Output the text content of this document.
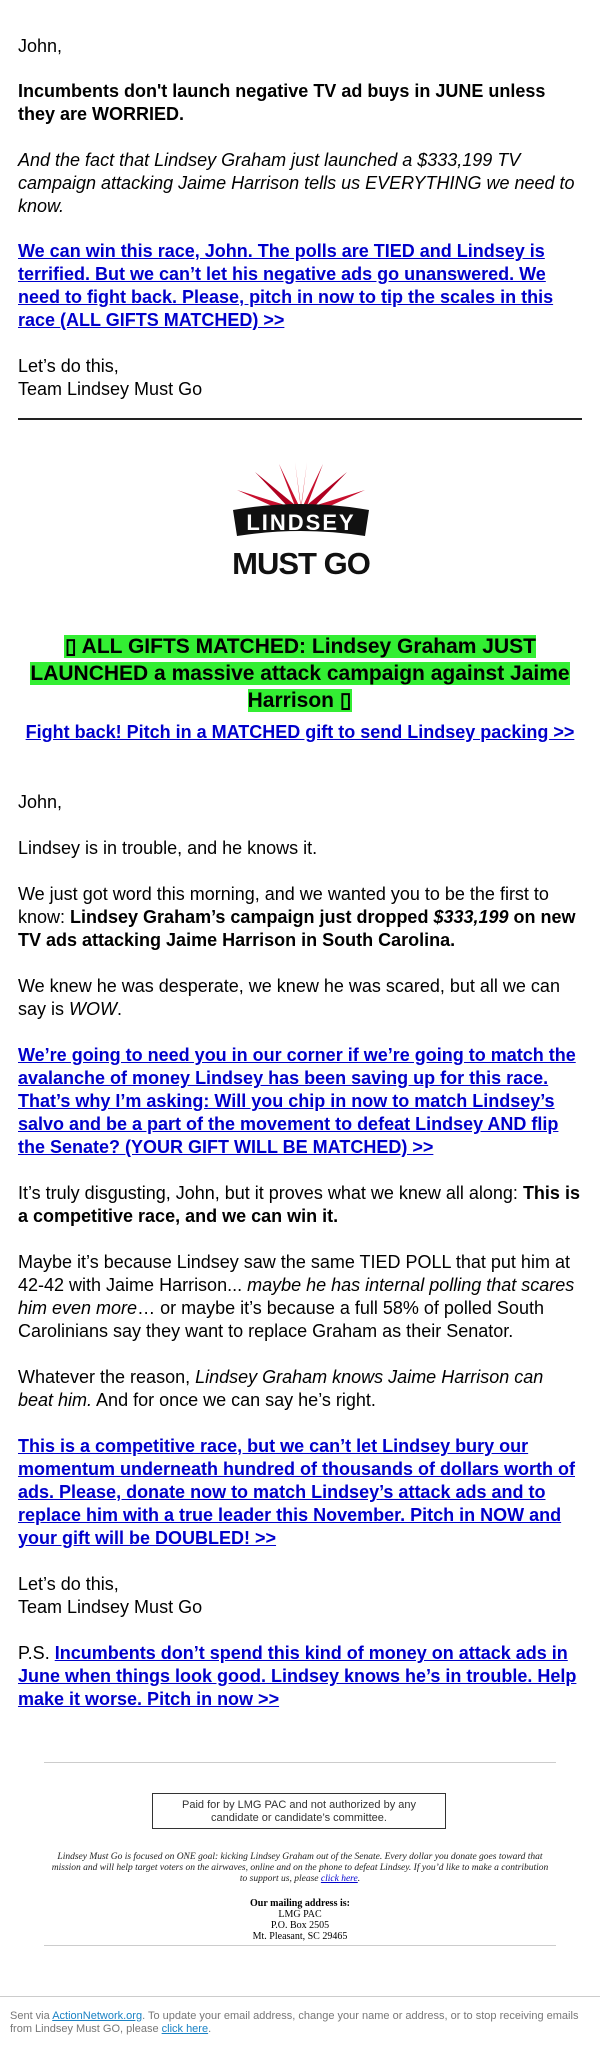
John,

Incumbents don't launch negative TV ad buys in JUNE unless they are WORRIED.

And the fact that Lindsey Graham just launched a $333,199 TV campaign attacking Jaime Harrison tells us EVERYTHING we need to know.

We can win this race, John. The polls are TIED and Lindsey is terrified. But we can’t let his negative ads go unanswered. We need to fight back. Please, pitch in now to tip the scales in this race (ALL GIFTS MATCHED) >>

Let’s do this,
Team Lindsey Must Go

LINDSEY
MUST GO
▯ ALL GIFTS MATCHED: Lindsey Graham JUST LAUNCHED a massive attack campaign against Jaime Harrison ▯
Fight back! Pitch in a MATCHED gift to send Lindsey packing >>

John,

Lindsey is in trouble, and he knows it.

We just got word this morning, and we wanted you to be the first to know: Lindsey Graham’s campaign just dropped $333,199 on new TV ads attacking Jaime Harrison in South Carolina.

We knew he was desperate, we knew he was scared, but all we can say is WOW.

We’re going to need you in our corner if we’re going to match the avalanche of money Lindsey has been saving up for this race. That’s why I’m asking: Will you chip in now to match Lindsey’s salvo and be a part of the movement to defeat Lindsey AND flip the Senate? (YOUR GIFT WILL BE MATCHED) >>

It’s truly disgusting, John, but it proves what we knew all along: This is a competitive race, and we can win it.

Maybe it’s because Lindsey saw the same TIED POLL that put him at 42-42 with Jaime Harrison... maybe he has internal polling that scares him even more… or maybe it’s because a full 58% of polled South Carolinians say they want to replace Graham as their Senator.

Whatever the reason, Lindsey Graham knows Jaime Harrison can beat him. And for once we can say he’s right.

This is a competitive race, but we can’t let Lindsey bury our momentum underneath hundred of thousands of dollars worth of ads. Please, donate now to match Lindsey’s attack ads and to replace him with a true leader this November. Pitch in NOW and your gift will be DOUBLED! >>

Let’s do this,
Team Lindsey Must Go

P.S. Incumbents don’t spend this kind of money on attack ads in June when things look good. Lindsey knows he’s in trouble. Help make it worse. Pitch in now >>

Paid for by LMG PAC and not authorized by any candidate or candidate’s committee.
Lindsey Must Go is focused on ONE goal: kicking Lindsey Graham out of the Senate. Every dollar you donate goes toward that mission and will help target voters on the airwaves, online and on the phone to defeat Lindsey. If you’d like to make a contribution to support us, please click here.
Our mailing address is:
LMG PAC
P.O. Box 2505
Mt. Pleasant, SC 29465
Sent via ActionNetwork.org. To update your email address, change your name or address, or to stop receiving emails from Lindsey Must GO, please click here.
